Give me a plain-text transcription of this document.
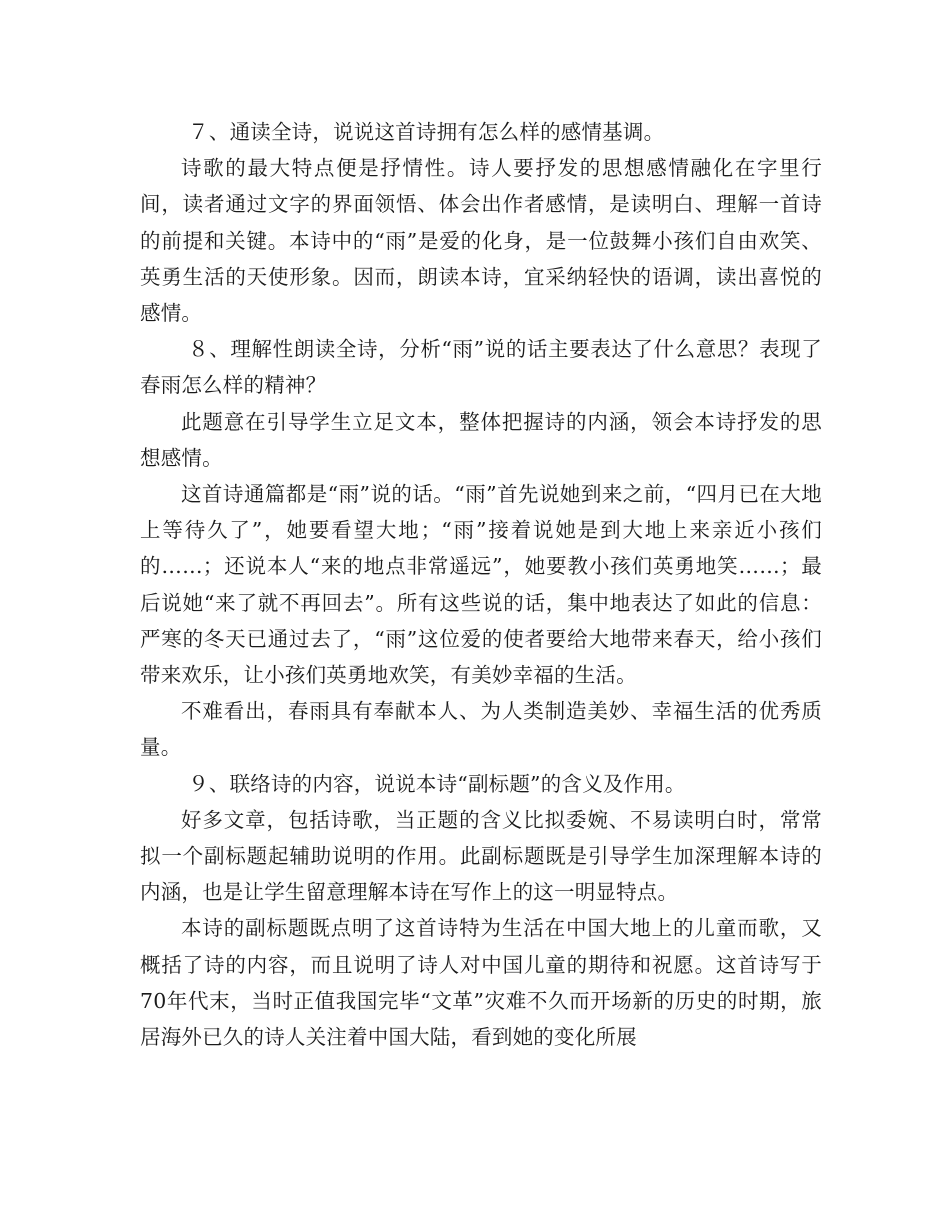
７、通读全诗，说说这首诗拥有怎么样的感情基调。

诗歌的最大特点便是抒情性。诗人要抒发的思想感情融化在字里行间，读者通过文字的界面领悟、体会出作者感情，是读明白、理解一首诗的前提和关键。本诗中的“雨”是爱的化身，是一位鼓舞小孩们自由欢笑、英勇生活的天使形象。因而，朗读本诗，宜采纳轻快的语调，读出喜悦的感情。

８、理解性朗读全诗，分析“雨”说的话主要表达了什么意思？表现了春雨怎么样的精神？

此题意在引导学生立足文本，整体把握诗的内涵，领会本诗抒发的思想感情。

这首诗通篇都是“雨”说的话。“雨”首先说她到来之前，“四月已在大地上等待久了”，她要看望大地；“雨”接着说她是到大地上来亲近小孩们的……；还说本人“来的地点非常遥远”，她要教小孩们英勇地笑……；最后说她“来了就不再回去”。所有这些说的话，集中地表达了如此的信息：严寒的冬天已通过去了，“雨”这位爱的使者要给大地带来春天，给小孩们带来欢乐，让小孩们英勇地欢笑，有美妙幸福的生活。

不难看出，春雨具有奉献本人、为人类制造美妙、幸福生活的优秀质量。

９、联络诗的内容，说说本诗“副标题”的含义及作用。

好多文章，包括诗歌，当正题的含义比拟委婉、不易读明白时，常常拟一个副标题起辅助说明的作用。此副标题既是引导学生加深理解本诗的内涵，也是让学生留意理解本诗在写作上的这一明显特点。

本诗的副标题既点明了这首诗特为生活在中国大地上的儿童而歌，又概括了诗的内容，而且说明了诗人对中国儿童的期待和祝愿。这首诗写于70年代末，当时正值我国完毕“文革”灾难不久而开场新的历史的时期，旅居海外已久的诗人关注着中国大陆，看到她的变化所展
